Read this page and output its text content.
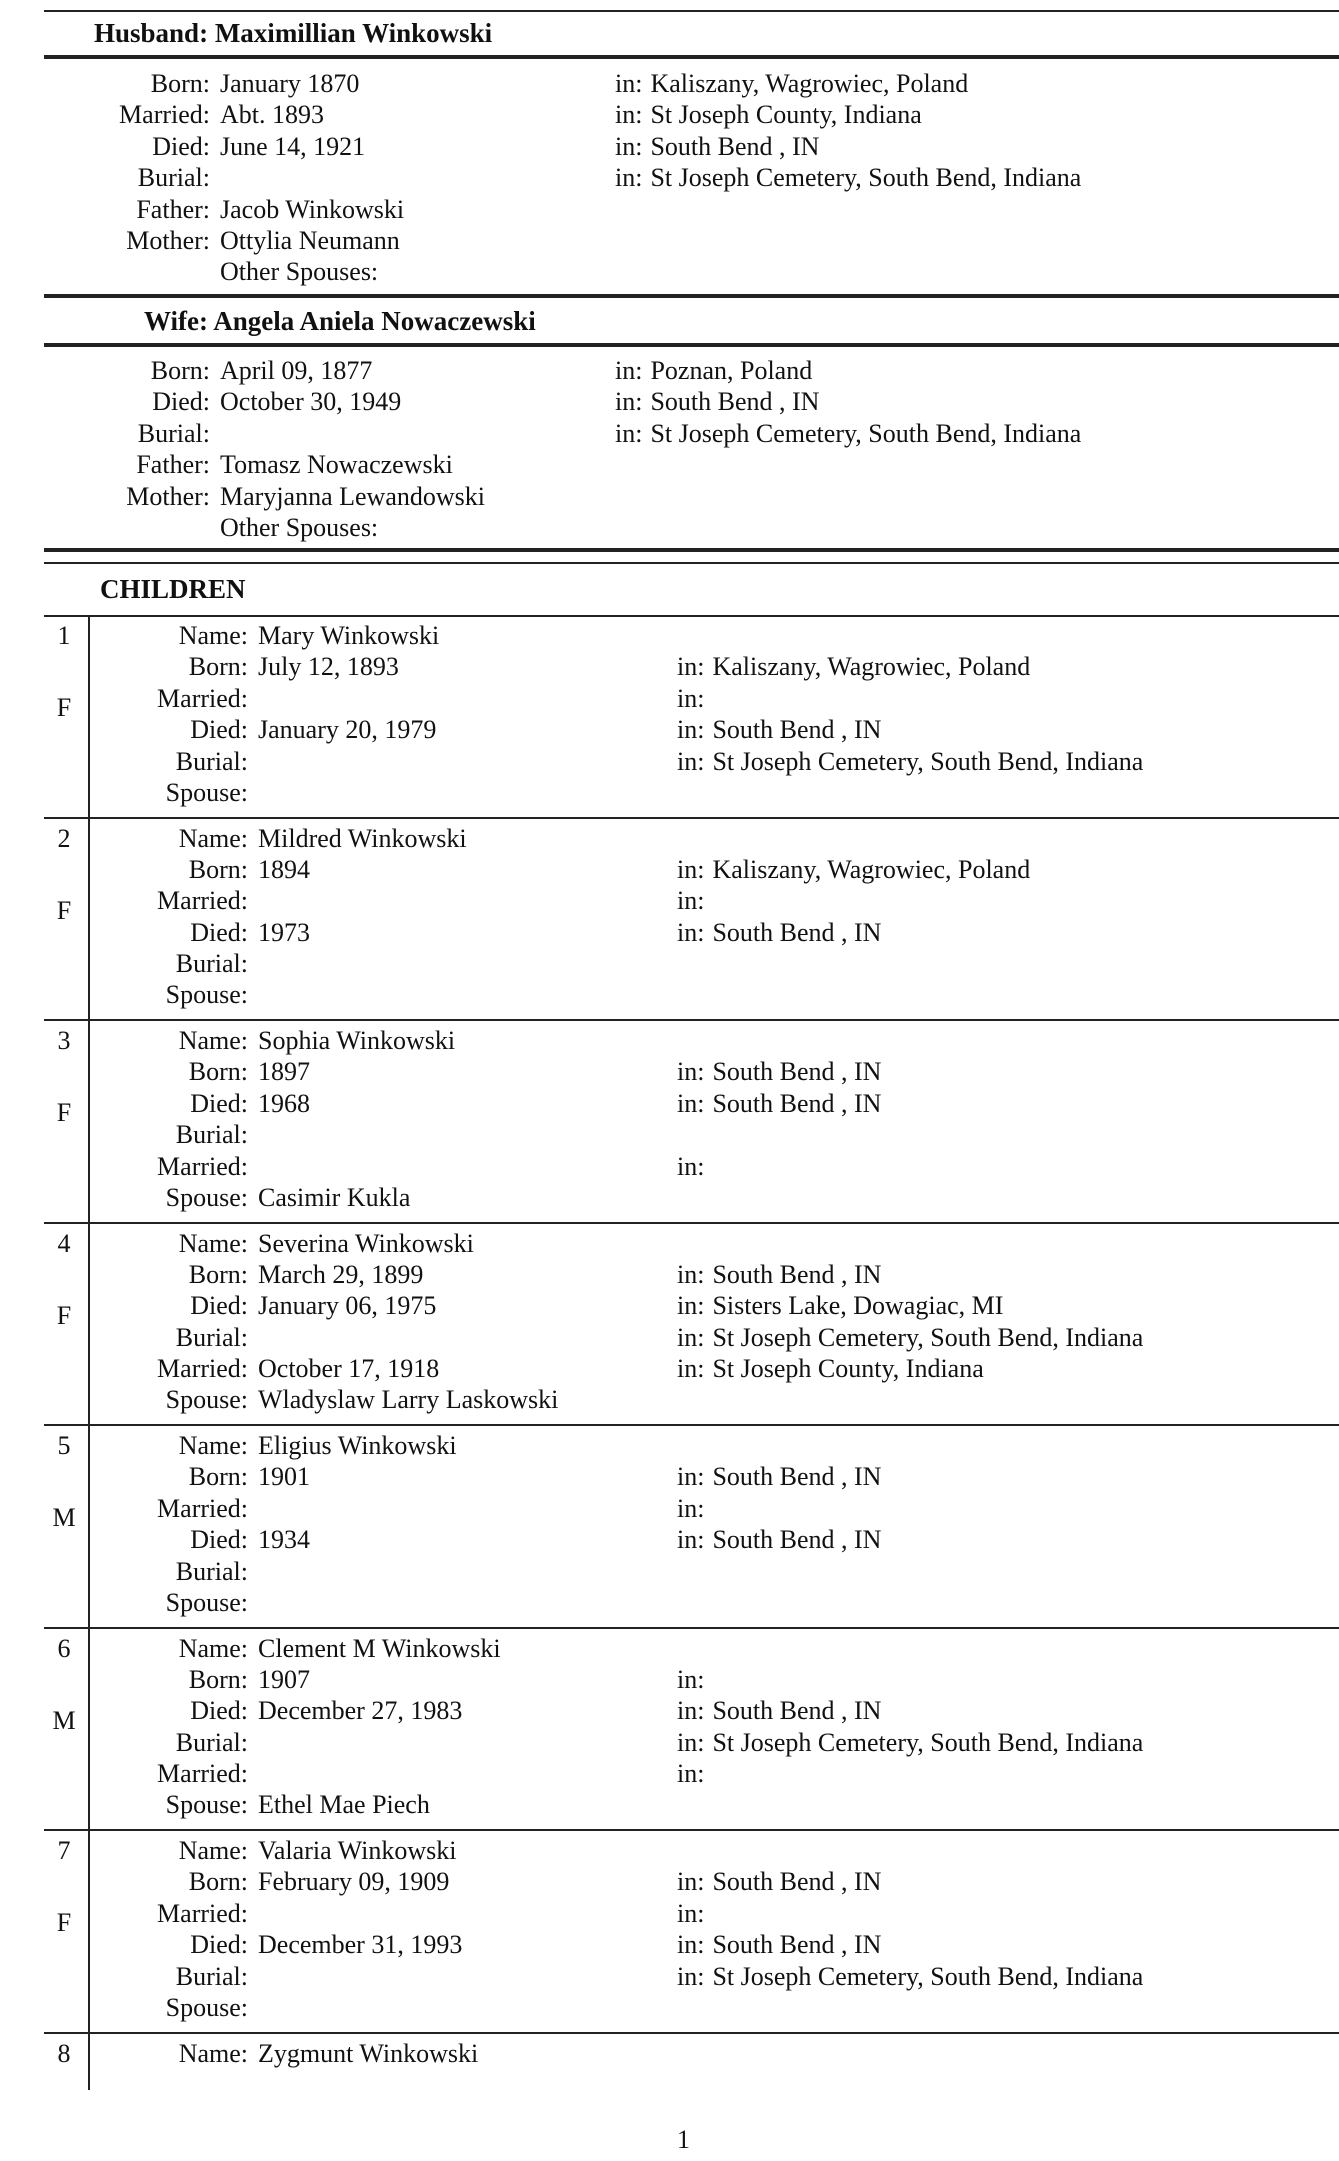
Husband: Maximillian Winkowski
Born: January 1870
Married: Abt. 1893
Died: June 14, 1921
Burial:
Father: Jacob Winkowski
Mother: Ottylia Neumann
Other Spouses:
in: Kaliszany, Wagrowiec, Poland
in: St Joseph County, Indiana
in: South Bend , IN
in: St Joseph Cemetery, South Bend, Indiana
Wife: Angela Aniela Nowaczewski
Born: April 09, 1877
Died: October 30, 1949
Burial:
Father: Tomasz Nowaczewski
Mother: Maryjanna Lewandowski
Other Spouses:
in: Poznan, Poland
in: South Bend , IN
in: St Joseph Cemetery, South Bend, Indiana
CHILDREN
1
F
Name: Mary Winkowski
Born: July 12, 1893
Married:
Died: January 20, 1979
Burial:
Spouse:
in: Kaliszany, Wagrowiec, Poland
in:
in: South Bend , IN
in: St Joseph Cemetery, South Bend, Indiana
2
F
Name: Mildred Winkowski
Born: 1894
Married:
Died: 1973
Burial:
Spouse:
in: Kaliszany, Wagrowiec, Poland
in:
in: South Bend , IN
3
F
Name: Sophia Winkowski
Born: 1897
Died: 1968
Burial:
Married:
Spouse: Casimir Kukla
in: South Bend , IN
in: South Bend , IN
in:
4
F
Name: Severina Winkowski
Born: March 29, 1899
Died: January 06, 1975
Burial:
Married: October 17, 1918
Spouse: Wladyslaw Larry Laskowski
in: South Bend , IN
in: Sisters Lake, Dowagiac, MI
in: St Joseph Cemetery, South Bend, Indiana
in: St Joseph County, Indiana
5
M
Name: Eligius Winkowski
Born: 1901
Married:
Died: 1934
Burial:
Spouse:
in: South Bend , IN
in:
in: South Bend , IN
6
M
Name: Clement M Winkowski
Born: 1907
Died: December 27, 1983
Burial:
Married:
Spouse: Ethel Mae Piech
in:
in: South Bend , IN
in: St Joseph Cemetery, South Bend, Indiana
in:
7
F
Name: Valaria Winkowski
Born: February 09, 1909
Married:
Died: December 31, 1993
Burial:
Spouse:
in: South Bend , IN
in:
in: South Bend , IN
in: St Joseph Cemetery, South Bend, Indiana
8	Name: Zygmunt Winkowski
1
